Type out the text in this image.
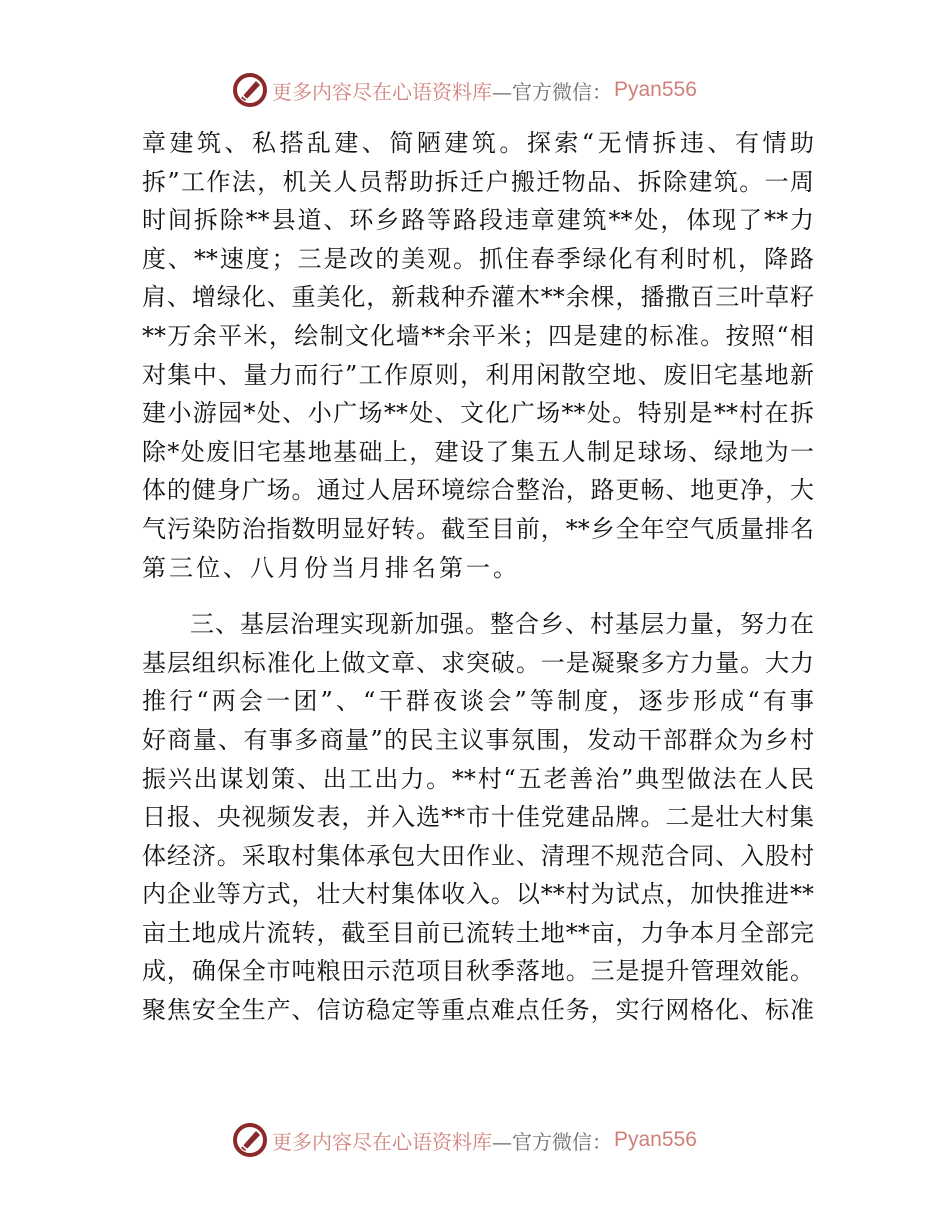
更多内容尽在心语资料库 —官方微信： Pyan556
章建筑、私搭乱建、简陋建筑。探索“无情拆违、有情助
拆”工作法，机关人员帮助拆迁户搬迁物品、拆除建筑。一周
时间拆除**县道、环乡路等路段违章建筑**处，体现了**力
度、**速度；三是改的美观。抓住春季绿化有利时机，降路
肩、增绿化、重美化，新栽种乔灌木**余棵，播撒百三叶草籽
**万余平米，绘制文化墙**余平米；四是建的标准。按照“相
对集中、量力而行”工作原则，利用闲散空地、废旧宅基地新
建小游园*处、小广场**处、文化广场**处。特别是**村在拆
除*处废旧宅基地基础上，建设了集五人制足球场、绿地为一
体的健身广场。通过人居环境综合整治，路更畅、地更净，大
气污染防治指数明显好转。截至目前，**乡全年空气质量排名
第三位、八月份当月排名第一。
三、基层治理实现新加强。整合乡、村基层力量，努力在
基层组织标准化上做文章、求突破。一是凝聚多方力量。大力
推行“两会一团”、“干群夜谈会”等制度，逐步形成“有事
好商量、有事多商量”的民主议事氛围，发动干部群众为乡村
振兴出谋划策、出工出力。**村“五老善治”典型做法在人民
日报、央视频发表，并入选**市十佳党建品牌。二是壮大村集
体经济。采取村集体承包大田作业、清理不规范合同、入股村
内企业等方式，壮大村集体收入。以**村为试点，加快推进**
亩土地成片流转，截至目前已流转土地**亩，力争本月全部完
成，确保全市吨粮田示范项目秋季落地。三是提升管理效能。
聚焦安全生产、信访稳定等重点难点任务，实行网格化、标准
更多内容尽在心语资料库 —官方微信： Pyan556
